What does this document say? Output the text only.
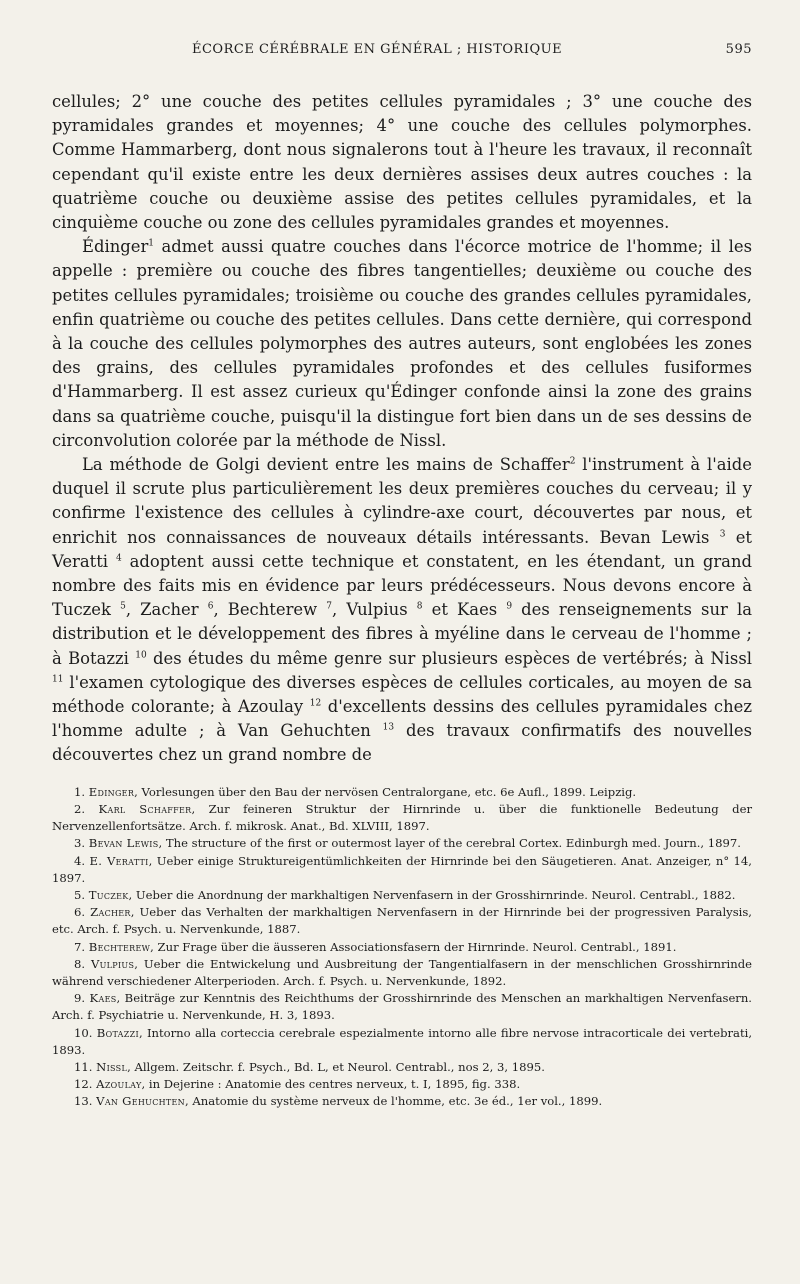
ÉCORCE CÉRÉBRALE EN GÉNÉRAL ; HISTORIQUE	595

cellules; 2° une couche des petites cellules pyramidales ; 3° une couche des pyramidales grandes et moyennes; 4° une couche des cellules polymorphes. Comme Hammarberg, dont nous signalerons tout à l'heure les travaux, il reconnaît cependant qu'il existe entre les deux dernières assises deux autres couches : la quatrième couche ou deuxième assise des petites cellules pyramidales, et la cinquième couche ou zone des cellules pyramidales grandes et moyennes.

Édinger$^1$ admet aussi quatre couches dans l'écorce motrice de l'homme; il les appelle : première ou couche des fibres tangentielles; deuxième ou couche des petites cellules pyramidales; troisième ou couche des grandes cellules pyramidales, enfin quatrième ou couche des petites cellules. Dans cette dernière, qui correspond à la couche des cellules polymorphes des autres auteurs, sont englobées les zones des grains, des cellules pyramidales profondes et des cellules fusiformes d'Hammarberg. Il est assez curieux qu'Édinger confonde ainsi la zone des grains dans sa quatrième couche, puisqu'il la distingue fort bien dans un de ses dessins de circonvolution colorée par la méthode de Nissl.

La méthode de Golgi devient entre les mains de Schaffer$^2$ l'instrument à l'aide duquel il scrute plus particulièrement les deux premières couches du cerveau; il y confirme l'existence des cellules à cylindre-axe court, découvertes par nous, et enrichit nos connaissances de nouveaux détails intéressants. Bevan Lewis $^3$ et Veratti $^4$ adoptent aussi cette technique et constatent, en les étendant, un grand nombre des faits mis en évidence par leurs prédécesseurs. Nous devons encore à Tuczek $^5$, Zacher $^6$, Bechterew $^7$, Vulpius $^8$ et Kaes $^9$ des renseignements sur la distribution et le développement des fibres à myéline dans le cerveau de l'homme ; à Botazzi $^{10}$ des études du même genre sur plusieurs espèces de vertébrés; à Nissl $^{11}$ l'examen cytologique des diverses espèces de cellules corticales, au moyen de sa méthode colorante; à Azoulay $^{12}$ d'excellents dessins des cellules pyramidales chez l'homme adulte ; à Van Gehuchten $^{13}$ des travaux confirmatifs des nouvelles découvertes chez un grand nombre de

1. Edinger, Vorlesungen über den Bau der nervösen Centralorgane, etc. 6e Aufl., 1899. Leipzig.

2. Karl Schaffer, Zur feineren Struktur der Hirnrinde u. über die funktionelle Bedeutung der Nervenzellenfortsätze. Arch. f. mikrosk. Anat., Bd. XLVIII, 1897.

3. Bevan Lewis, The structure of the first or outermost layer of the cerebral Cortex. Edinburgh med. Journ., 1897.

4. E. Veratti, Ueber einige Struktureigentümlichkeiten der Hirnrinde bei den Säugetieren. Anat. Anzeiger, n° 14, 1897.

5. Tuczek, Ueber die Anordnung der markhaltigen Nervenfasern in der Grosshirnrinde. Neurol. Centrabl., 1882.

6. Zacher, Ueber das Verhalten der markhaltigen Nervenfasern in der Hirnrinde bei der progressiven Paralysis, etc. Arch. f. Psych. u. Nervenkunde, 1887.

7. Bechterew, Zur Frage über die äusseren Associationsfasern der Hirnrinde. Neurol. Centrabl., 1891.

8. Vulpius, Ueber die Entwickelung und Ausbreitung der Tangentialfasern in der menschlichen Grosshirnrinde während verschiedener Alterperioden. Arch. f. Psych. u. Nervenkunde, 1892.

9. Kaes, Beiträge zur Kenntnis des Reichthums der Grosshirnrinde des Menschen an markhaltigen Nervenfasern. Arch. f. Psychiatrie u. Nervenkunde, H. 3, 1893.

10. Botazzi, Intorno alla corteccia cerebrale espezialmente intorno alle fibre nervose intracorticale dei vertebrati, 1893.

11. Nissl, Allgem. Zeitschr. f. Psych., Bd. L, et Neurol. Centrabl., nos 2, 3, 1895.

12. Azoulay, in Dejerine : Anatomie des centres nerveux, t. I, 1895, fig. 338.

13. Van Gehuchten, Anatomie du système nerveux de l'homme, etc. 3e éd., 1er vol., 1899.
